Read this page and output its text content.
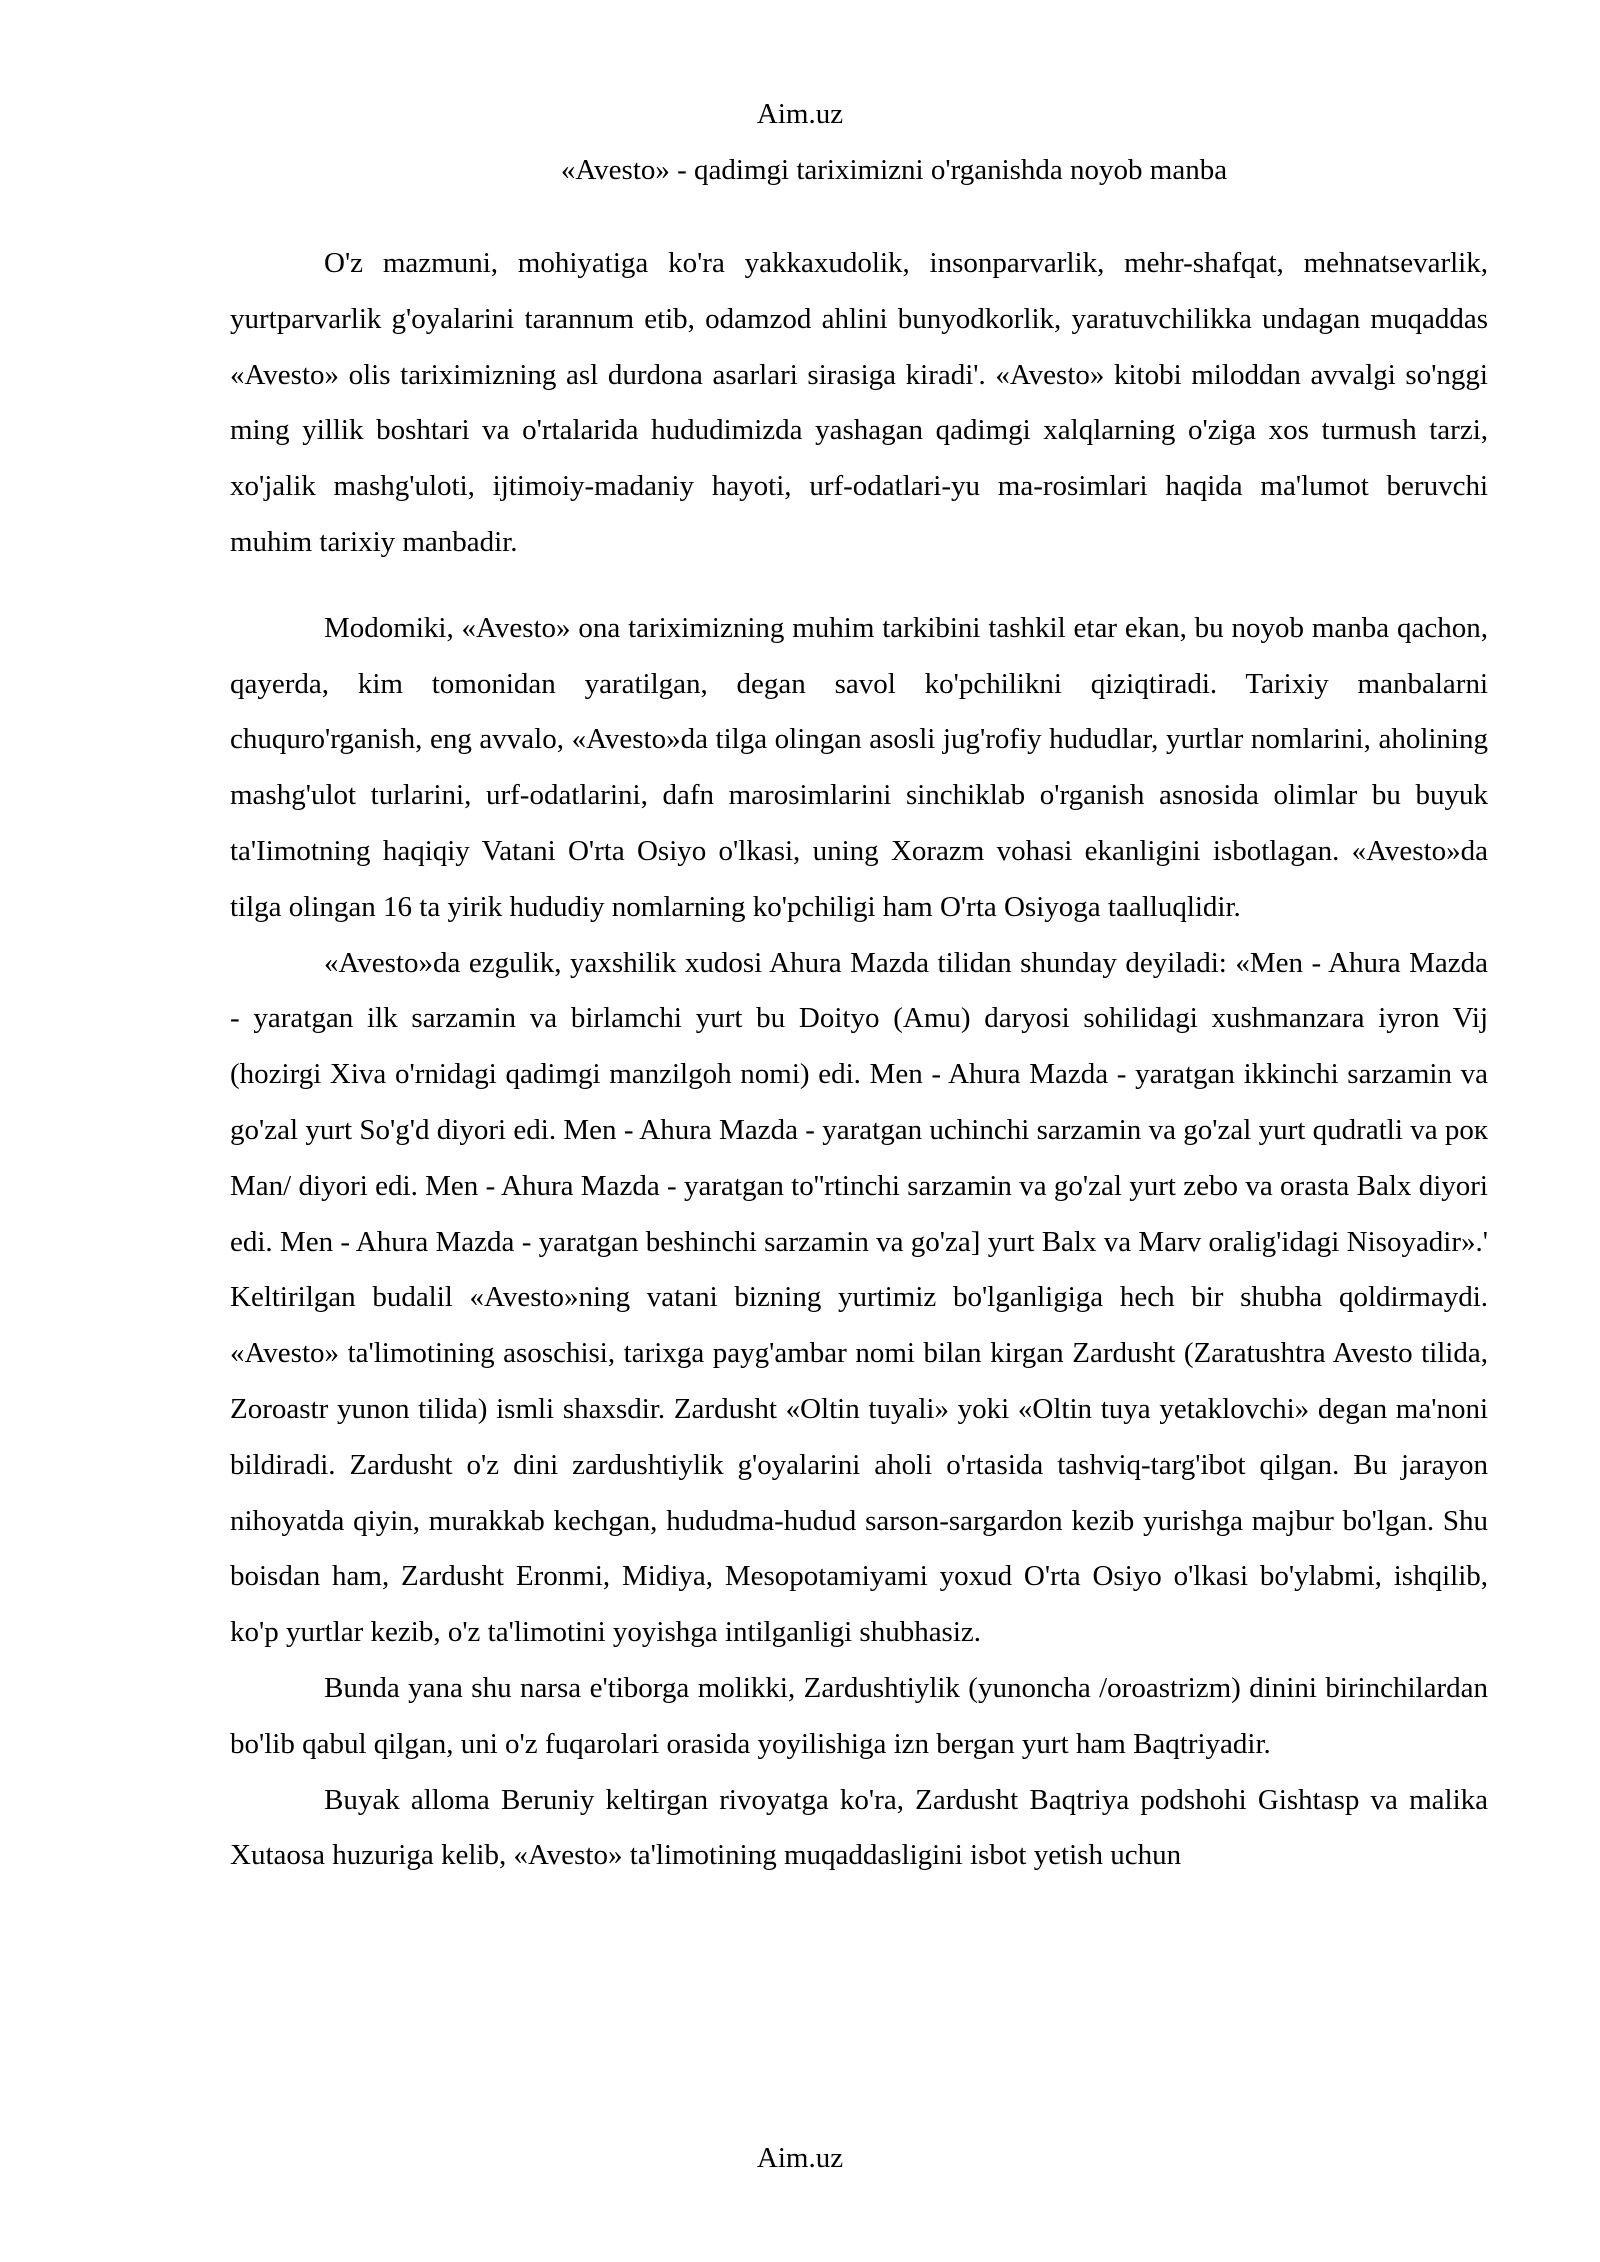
Aim.uz
«Avesto» - qadimgi tariximizni o'rganishda noyob manba

O'z mazmuni, mohiyatiga ko'ra yakkaxudolik, insonparvarlik, mehr-shafqat, mehnatsevarlik, yurtparvarlik g'oyalarini tarannum etib, odamzod ahlini bunyodkorlik, yaratuvchilikka undagan muqaddas «Avesto» olis tariximizning asl durdona asarlari sirasiga kiradi'. «Avesto» kitobi miloddan avvalgi so'nggi ming yillik boshtari va o'rtalarida hududimizda yashagan qadimgi xalqlarning o'ziga xos turmush tarzi, xo'jalik mashg'uloti, ijtimoiy-madaniy hayoti, urf-odatlari-yu ma-rosimlari haqida ma'lumot beruvchi muhim tarixiy manbadir.

Modomiki, «Avesto» ona tariximizning muhim tarkibini tashkil etar ekan, bu noyob manba qachon, qayerda, kim tomonidan yaratilgan, degan savol ko'pchilikni qiziqtiradi. Tarixiy manbalarni chuquro'rganish, eng avvalo, «Avesto»da tilga olingan asosli jug'rofiy hududlar, yurtlar nomlarini, aholining mashg'ulot turlarini, urf-odatlarini, dafn marosimlarini sinchiklab o'rganish asnosida olimlar bu buyuk ta'Iimotning haqiqiy Vatani O'rta Osiyo o'lkasi, uning Xorazm vohasi ekanligini isbotlagan. «Avesto»da tilga olingan 16 ta yirik hududiy nomlarning ko'pchiligi ham O'rta Osiyoga taalluqlidir.

«Avesto»da ezgulik, yaxshilik xudosi Ahura Mazda tilidan shunday deyiladi: «Men - Ahura Mazda - yaratgan ilk sarzamin va birlamchi yurt bu Doityo (Amu) daryosi sohilidagi xushmanzara iyron Vij (hozirgi Xiva o'rnidagi qadimgi manzilgoh nomi) edi. Men - Ahura Mazda - yaratgan ikkinchi sarzamin va go'zal yurt So'g'd diyori edi. Men - Ahura Mazda - yaratgan uchinchi sarzamin va go'zal yurt qudratli va рок Man/ diyori edi. Men - Ahura Mazda - yaratgan to''rtinchi sarzamin va go'zal yurt zebo va orasta Balx diyori edi. Men - Ahura Mazda - yaratgan beshinchi sarzamin va go'za] yurt Balx va Marv oralig'idagi Nisoyadir».' Keltirilgan budalil «Avesto»ning vatani bizning yurtimiz bo'lganligiga hech bir shubha qoldirmaydi. «Avesto» ta'limotining asoschisi, tarixga payg'ambar nomi bilan kirgan Zardusht (Zaratushtra Avesto tilida, Zoroastr yunon tilida) ismli shaxsdir. Zardusht «Oltin tuyali» yoki «Oltin tuya yetaklovchi» degan ma'noni bildiradi. Zardusht o'z dini zardushtiylik g'oyalarini aholi o'rtasida tashviq-targ'ibot qilgan. Bu jarayon nihoyatda qiyin, murakkab kechgan, hududma-hudud sarson-sargardon kezib yurishga majbur bo'lgan. Shu boisdan ham, Zardusht Eronmi, Midiya, Mesopotamiyami yoxud O'rta Osiyo o'lkasi bo'ylabmi, ishqilib, ko'p yurtlar kezib, o'z ta'limotini yoyishga intilganligi shubhasiz.

Bunda yana shu narsa e'tiborga molikki, Zardushtiylik (yunoncha /oroastrizm) dinini birinchilardan bo'lib qabul qilgan, uni o'z fuqarolari orasida yoyilishiga izn bergan yurt ham Baqtriyadir.

Buyak alloma Beruniy keltirgan rivoyatga ko'ra, Zardusht Baqtriya podshohi Gishtasp va malika Xutaosa huzuriga kelib, «Avesto» ta'limotining muqaddasligini isbot yetish uchun

Aim.uz
